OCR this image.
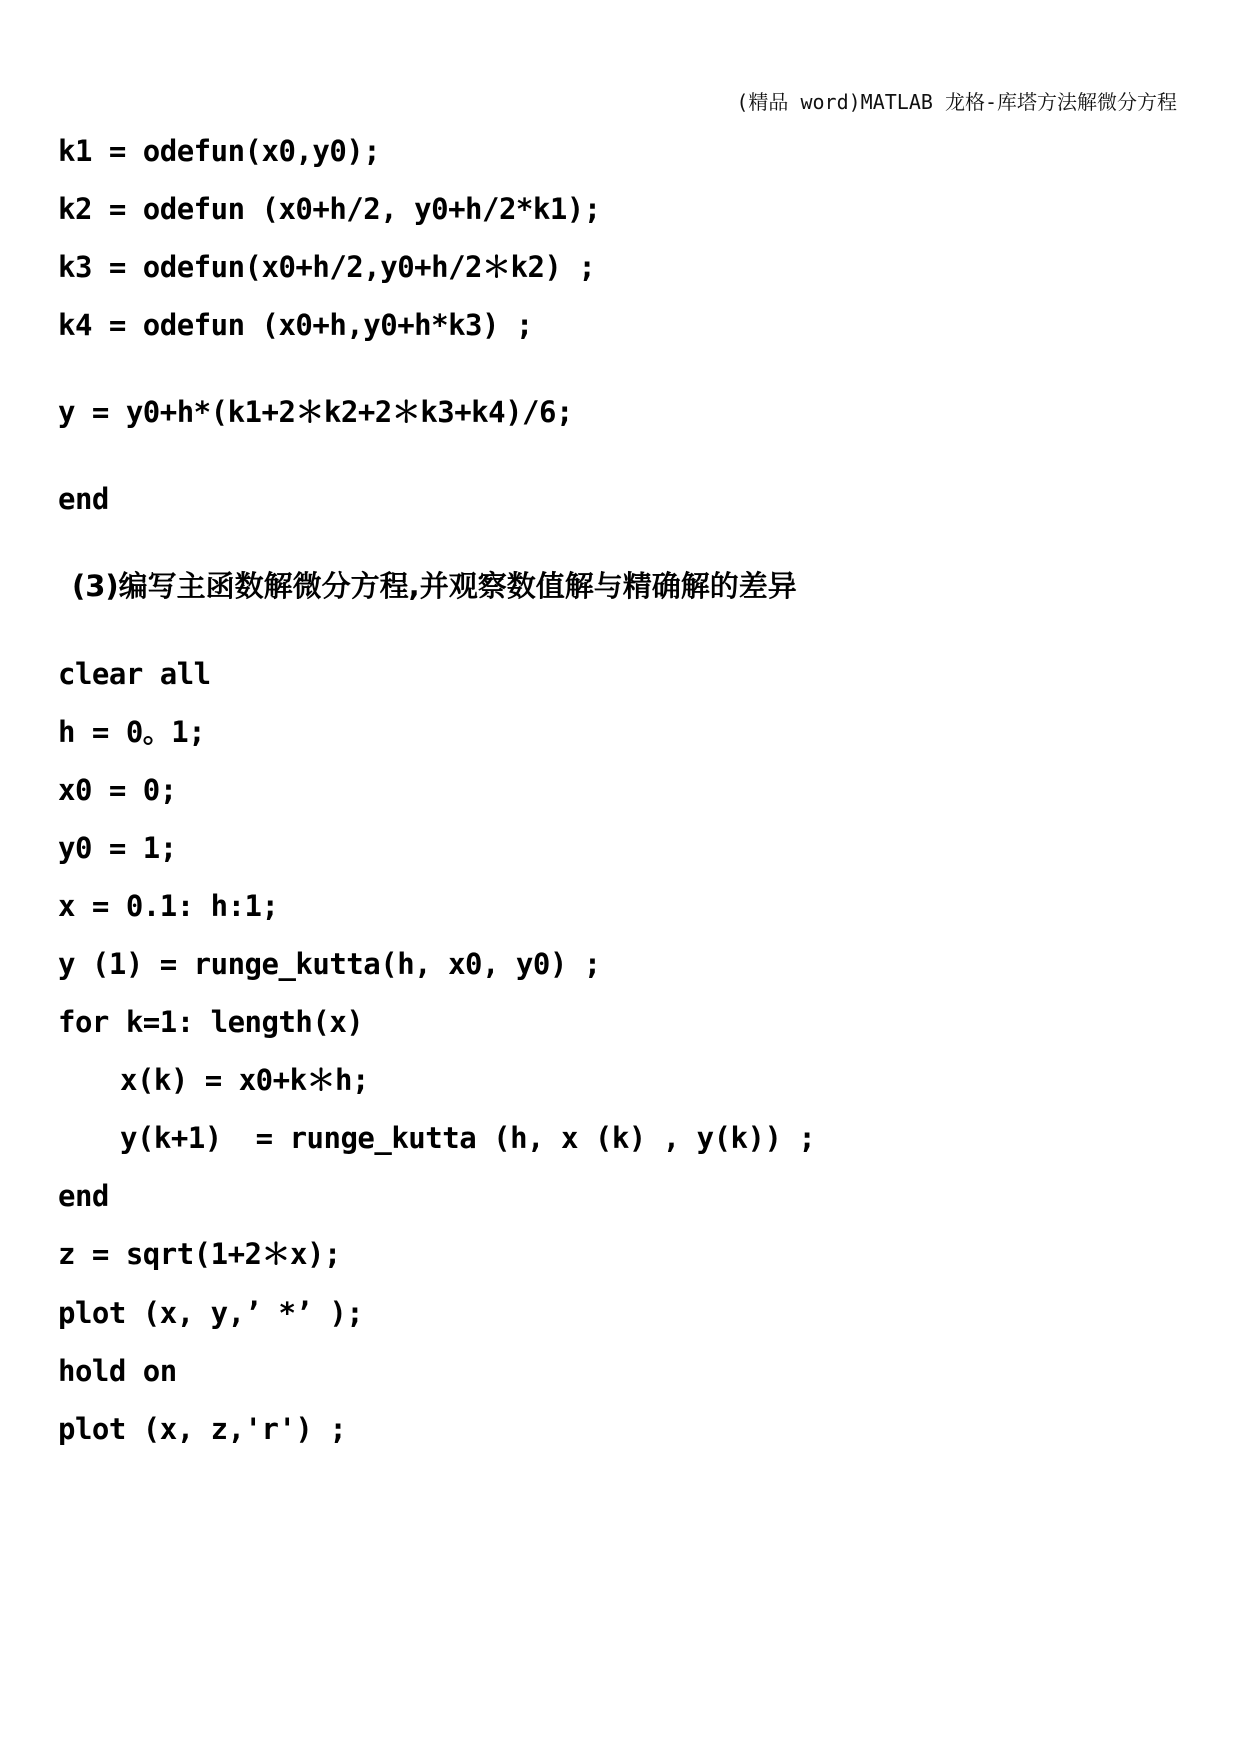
(精品 word)MATLAB 龙格-库塔方法解微分方程
k1 = odefun(x0,y0);
k2 = odefun (x0+h/2, y0+h/2*k1);
k3 = odefun(x0+h/2,y0+h/2＊k2) ;
k4 = odefun (x0+h,y0+h*k3) ;
y = y0+h*(k1+2＊k2+2＊k3+k4)/6;
end
(3)编写主函数解微分方程,并观察数值解与精确解的差异
clear all
h = 0。1;
x0 = 0;
y0 = 1;
x = 0.1: h:1;
y (1) = runge_kutta(h, x0, y0) ;
for k=1: length(x)
x(k) = x0+k＊h;
y(k+1)  = runge_kutta (h, x (k) , y(k)) ;
end
z = sqrt(1+2＊x);
plot (x, y,’ *’ );
hold on
plot (x, z,'r') ;
